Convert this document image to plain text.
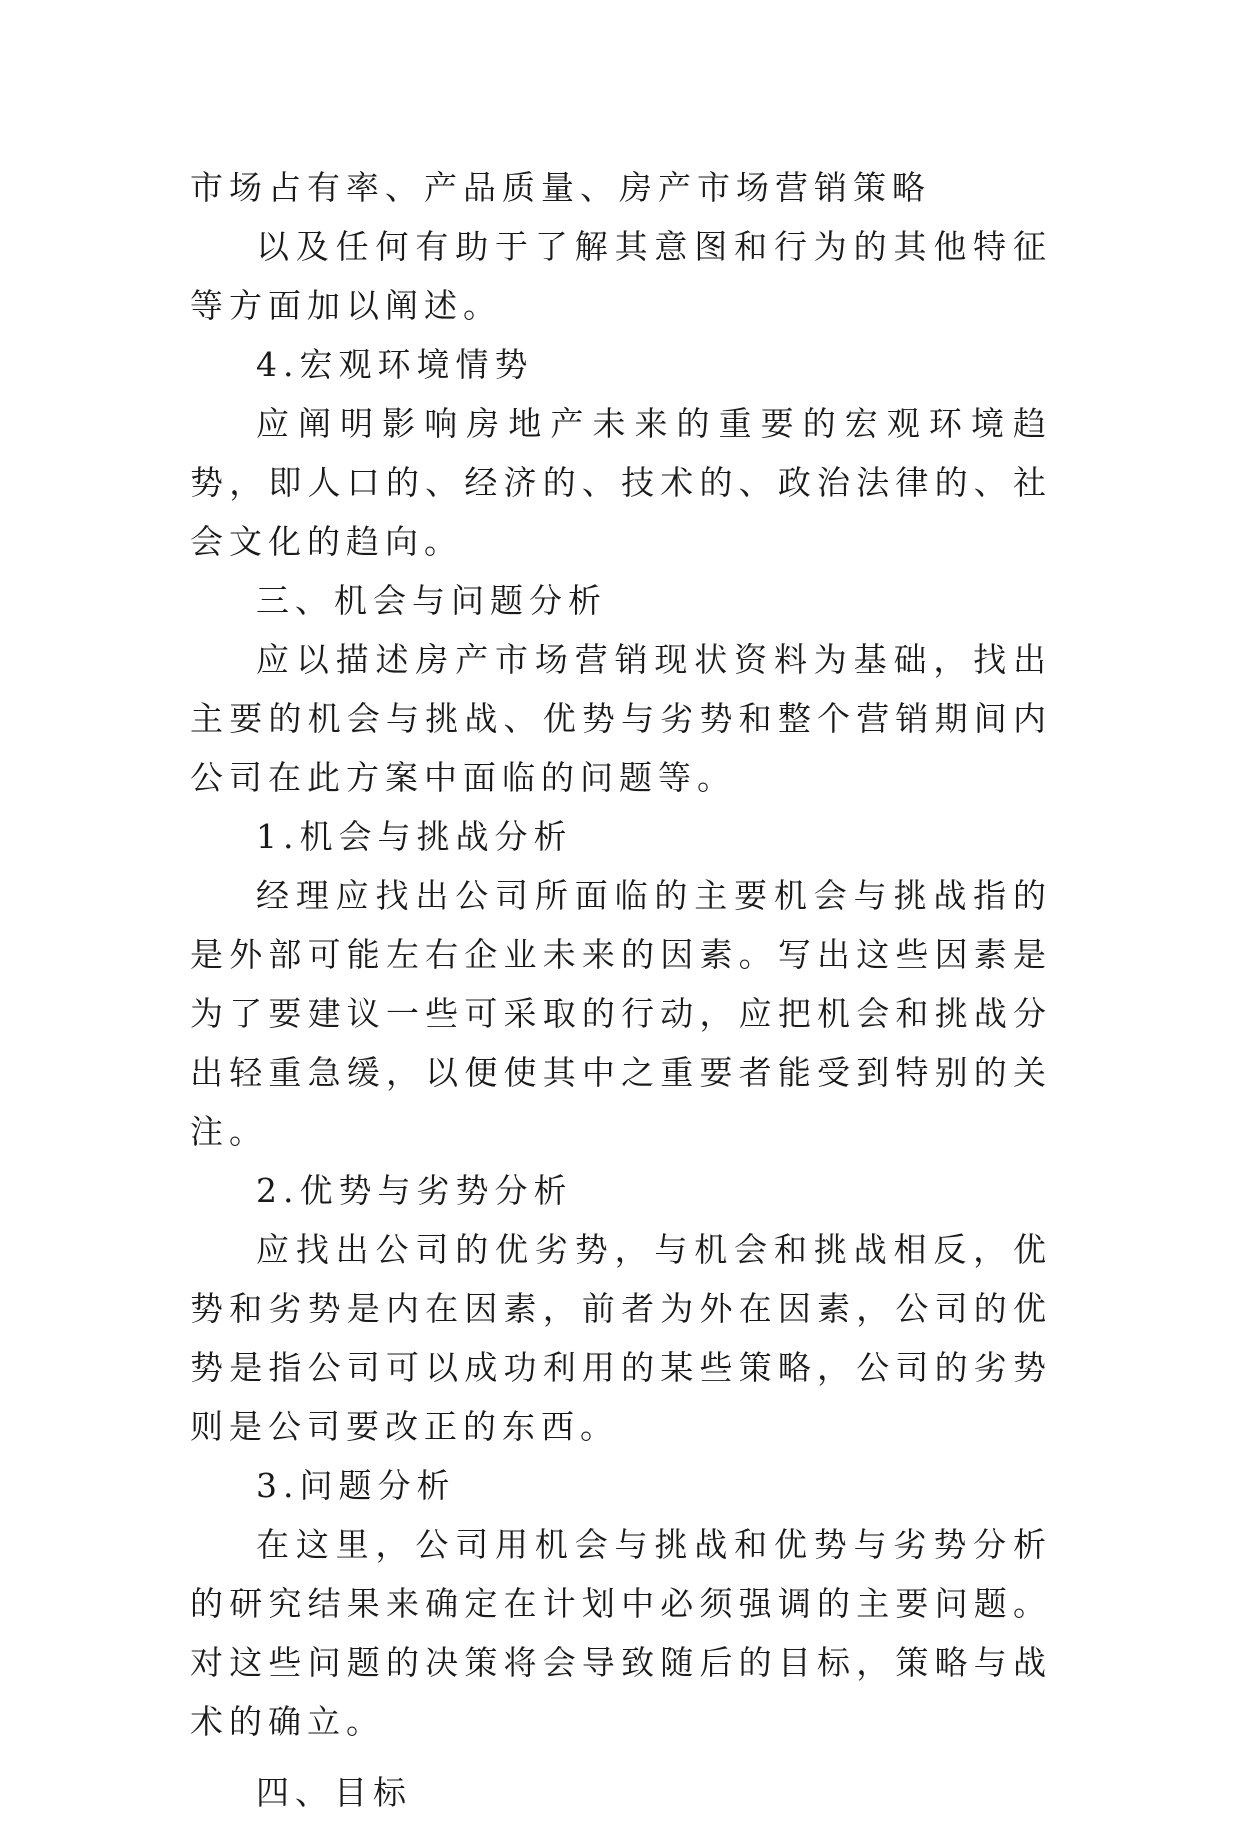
市场占有率、产品质量、房产市场营销策略

以及任何有助于了解其意图和行为的其他特征等方面加以阐述。

4.宏观环境情势

应阐明影响房地产未来的重要的宏观环境趋势，即人口的、经济的、技术的、政治法律的、社会文化的趋向。

三、机会与问题分析

应以描述房产市场营销现状资料为基础，找出主要的机会与挑战、优势与劣势和整个营销期间内公司在此方案中面临的问题等。

1.机会与挑战分析

经理应找出公司所面临的主要机会与挑战指的是外部可能左右企业未来的因素。写出这些因素是为了要建议一些可采取的行动，应把机会和挑战分出轻重急缓，以便使其中之重要者能受到特别的关注。

2.优势与劣势分析

应找出公司的优劣势，与机会和挑战相反，优势和劣势是内在因素，前者为外在因素，公司的优势是指公司可以成功利用的某些策略，公司的劣势则是公司要改正的东西。

3.问题分析

在这里，公司用机会与挑战和优势与劣势分析的研究结果来确定在计划中必须强调的主要问题。对这些问题的决策将会导致随后的目标，策略与战术的确立。

四、目标
